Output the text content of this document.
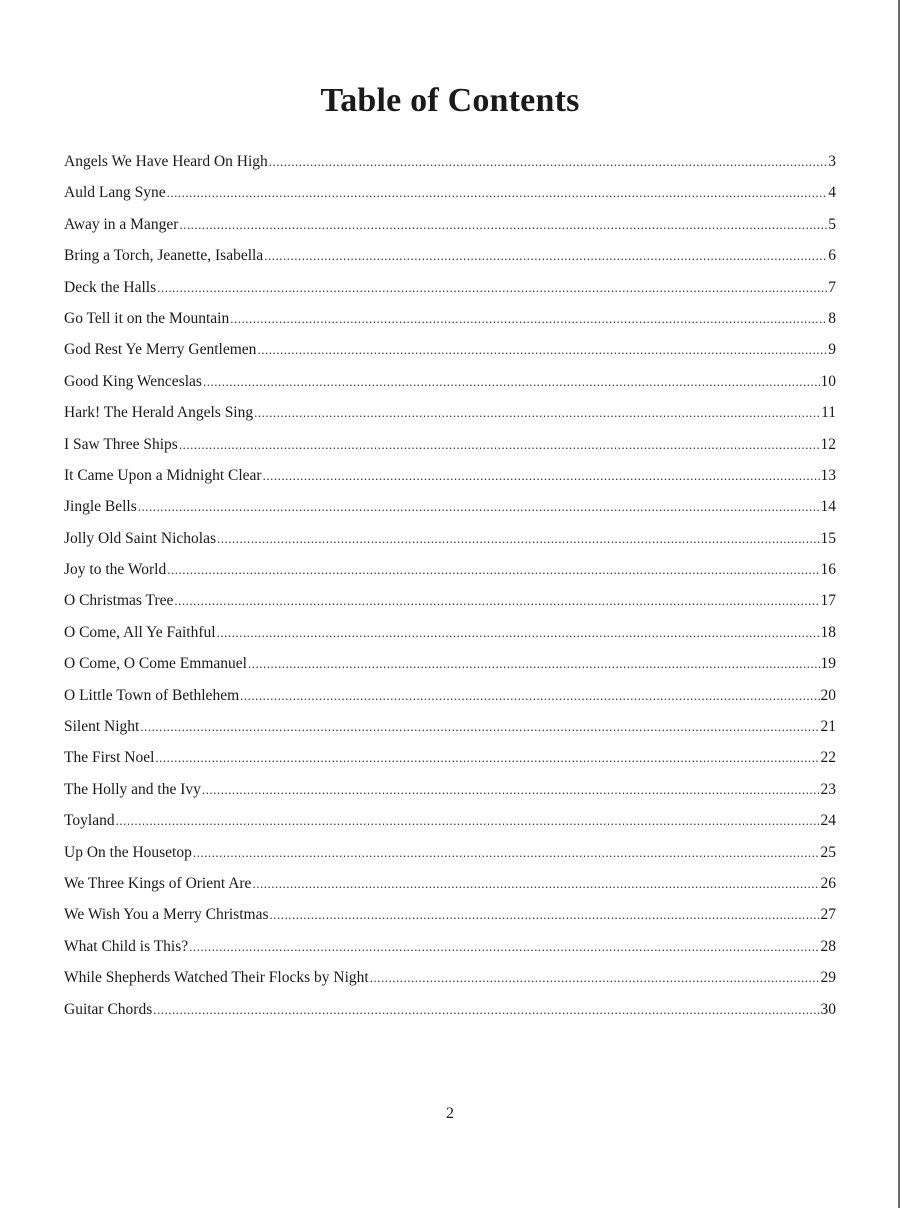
Table of Contents
Angels We Have Heard On High .....	3
Auld Lang Syne .....	4
Away in a Manger .....	5
Bring a Torch, Jeanette, Isabella .....	6
Deck the Halls .....	7
Go Tell it on the Mountain .....	8
God Rest Ye Merry Gentlemen .....	9
Good King Wenceslas .....	10
Hark! The Herald Angels Sing .....	11
I Saw Three Ships .....	12
It Came Upon a Midnight Clear .....	13
Jingle Bells .....	14
Jolly Old Saint Nicholas .....	15
Joy to the World .....	16
O Christmas Tree .....	17
O Come, All Ye Faithful .....	18
O Come, O Come Emmanuel .....	19
O Little Town of Bethlehem .....	20
Silent Night .....	21
The First Noel .....	22
The Holly and the Ivy .....	23
Toyland .....	24
Up On the Housetop .....	25
We Three Kings of Orient Are .....	26
We Wish You a Merry Christmas .....	27
What Child is This? .....	28
While Shepherds Watched Their Flocks by Night .....	29
Guitar Chords .....	30
2
